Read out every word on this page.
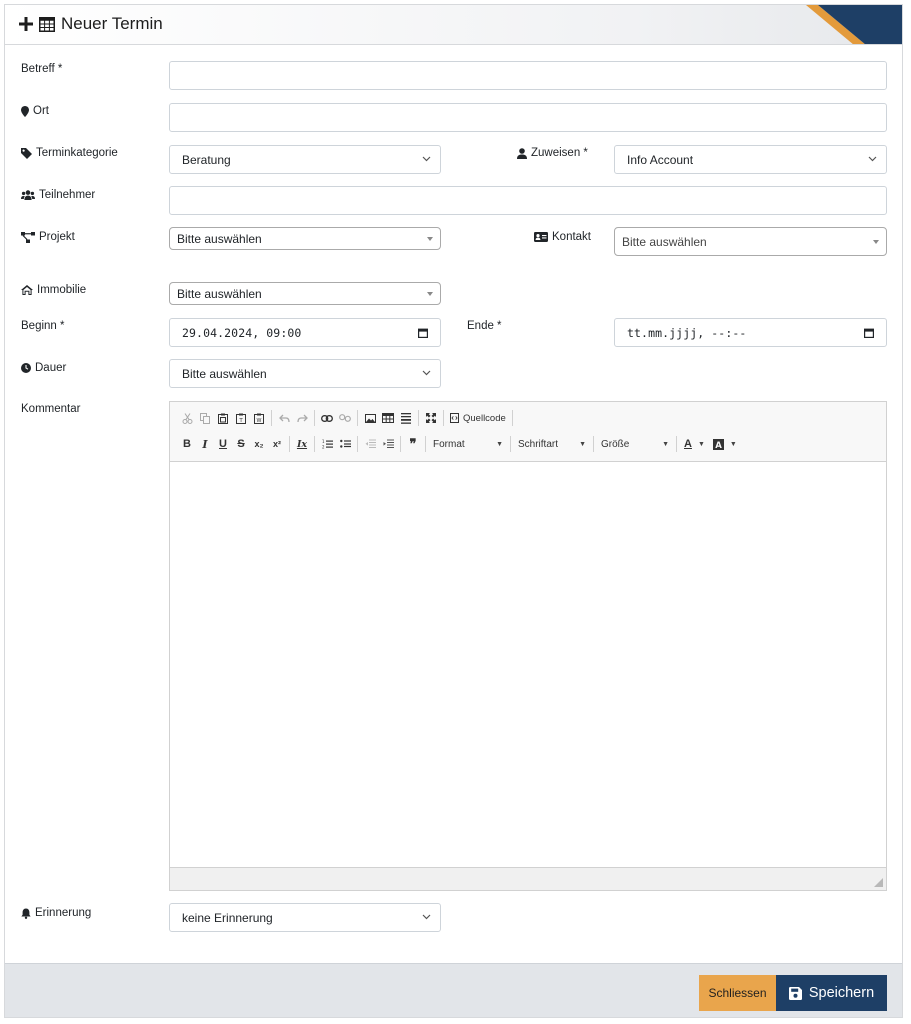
Neuer Termin
Betreff *
Ort
Terminkategorie	Beratung	Zuweisen *	Info Account
Teilnehmer
Projekt	Bitte auswählen	Kontakt	Bitte auswählen
Immobilie	Bitte auswählen
Beginn *	29.04.2024, 09:00	Ende *	tt.mm.jjjj, --:--
Dauer	Bitte auswählen
Kommentar
T	W	Quellcode
B	I	U S	x₂	x²	Ix	1
2	❞	Format	▼ Schriftart	▼ Größe	▼ A ▼ A ▼
Erinnerung	keine Erinnerung
Schliessen	Speichern
